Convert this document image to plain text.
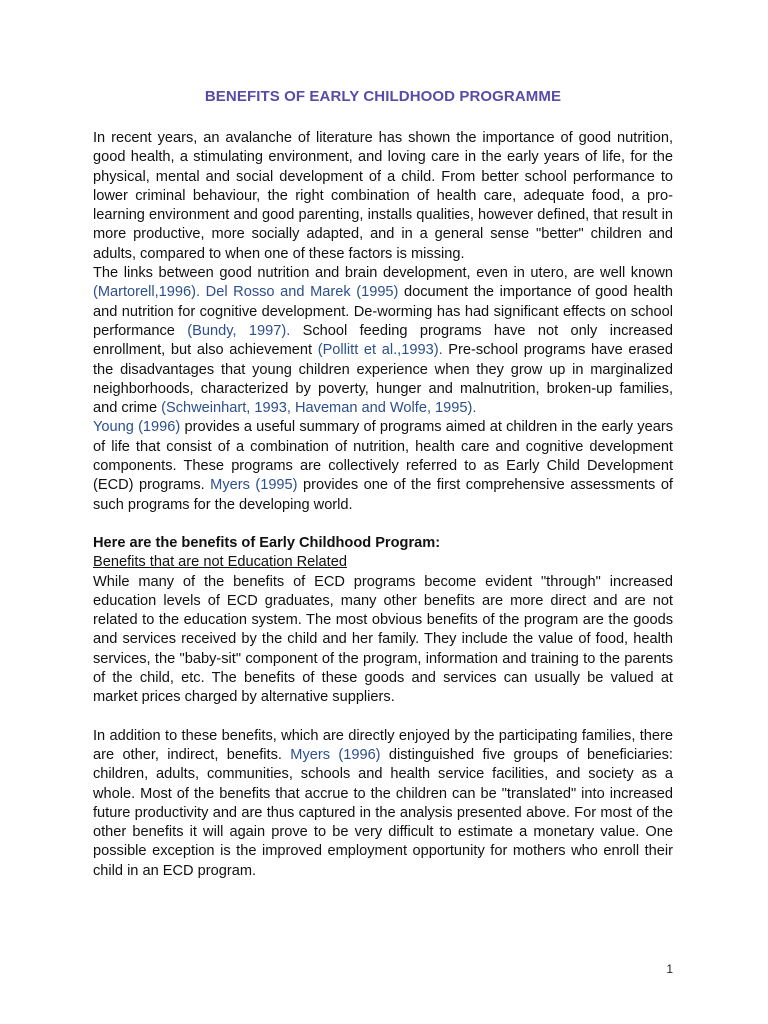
BENEFITS OF EARLY CHILDHOOD PROGRAMME

In recent years, an avalanche of literature has shown the importance of good nutrition, good health, a stimulating environment, and loving care in the early years of life, for the physical, mental and social development of a child. From better school performance to lower criminal behaviour, the right combination of health care, adequate food, a pro-learning environment and good parenting, installs qualities, however defined, that result in more productive, more socially adapted, and in a general sense "better" children and adults, compared to when one of these factors is missing.

The links between good nutrition and brain development, even in utero, are well known (Martorell,1996). Del Rosso and Marek (1995) document the importance of good health and nutrition for cognitive development. De-worming has had significant effects on school performance (Bundy, 1997). School feeding programs have not only increased enrollment, but also achievement (Pollitt et al.,1993). Pre-school programs have erased the disadvantages that young children experience when they grow up in marginalized neighborhoods, characterized by poverty, hunger and malnutrition, broken-up families, and crime (Schweinhart, 1993, Haveman and Wolfe, 1995).

Young (1996) provides a useful summary of programs aimed at children in the early years of life that consist of a combination of nutrition, health care and cognitive development components. These programs are collectively referred to as Early Child Development (ECD) programs. Myers (1995) provides one of the first comprehensive assessments of such programs for the developing world.

Here are the benefits of Early Childhood Program:

Benefits that are not Education Related

While many of the benefits of ECD programs become evident "through" increased education levels of ECD graduates, many other benefits are more direct and are not related to the education system. The most obvious benefits of the program are the goods and services received by the child and her family. They include the value of food, health services, the "baby-sit" component of the program, information and training to the parents of the child, etc. The benefits of these goods and services can usually be valued at market prices charged by alternative suppliers.

In addition to these benefits, which are directly enjoyed by the participating families, there are other, indirect, benefits. Myers (1996) distinguished five groups of beneficiaries: children, adults, communities, schools and health service facilities, and society as a whole. Most of the benefits that accrue to the children can be "translated" into increased future productivity and are thus captured in the analysis presented above. For most of the other benefits it will again prove to be very difficult to estimate a monetary value. One possible exception is the improved employment opportunity for mothers who enroll their child in an ECD program.

1
